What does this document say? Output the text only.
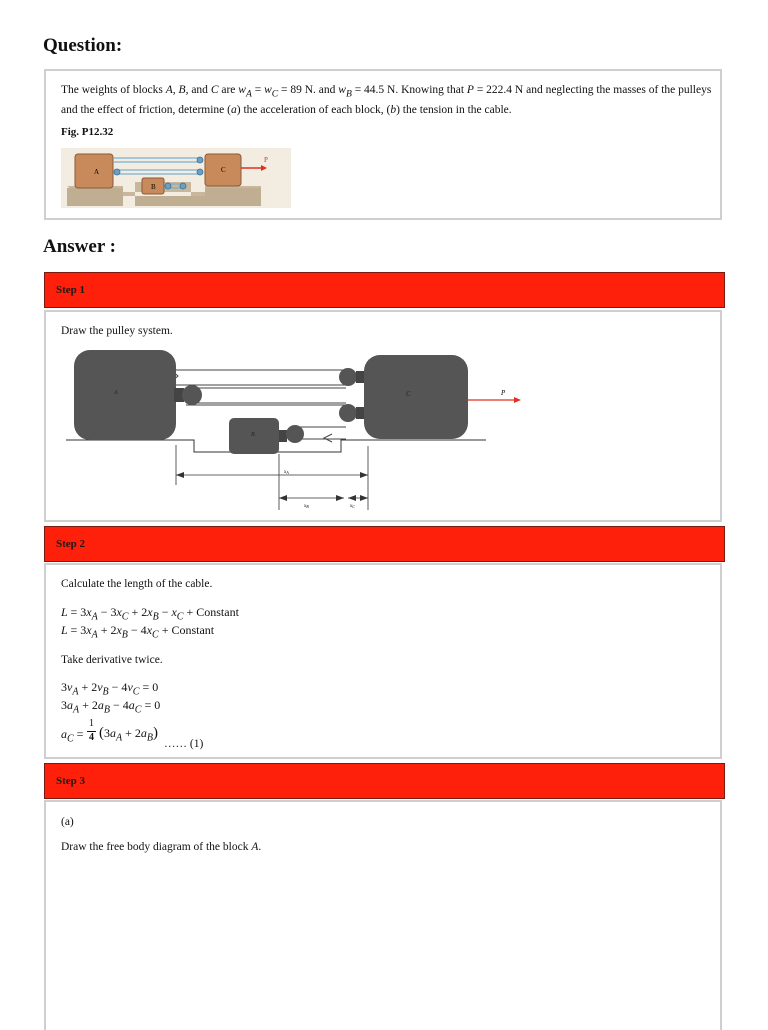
Question:
The weights of blocks A, B, and C are $w_A = w_C = 89$ N. and $w_B = 44.5$ N. Knowing that P = 222.4 N and neglecting the masses of the pulleys and the effect of friction, determine (a) the acceleration of each block, (b) the tension in the cable.
Fig. P12.32
A
B
C
P
Answer :
Step 1
Draw the pulley system.
P
A
B
C
$x_A$
$x_B$	$x_C$
Step 2
Calculate the length of the cable.
$L = 3x_A - 3x_C + 2x_B - x_C$ + Constant
$L = 3x_A + 2x_B - 4x_C$ + Constant
Take derivative twice.
$3v_A + 2v_B - 4v_C = 0$
$3a_A + 2a_B - 4a_C = 0$
$a_C$ =
1
4 $(3a_A + 2a_B)$
…… (1)
Step 3
(a)
Draw the free body diagram of the block A.
